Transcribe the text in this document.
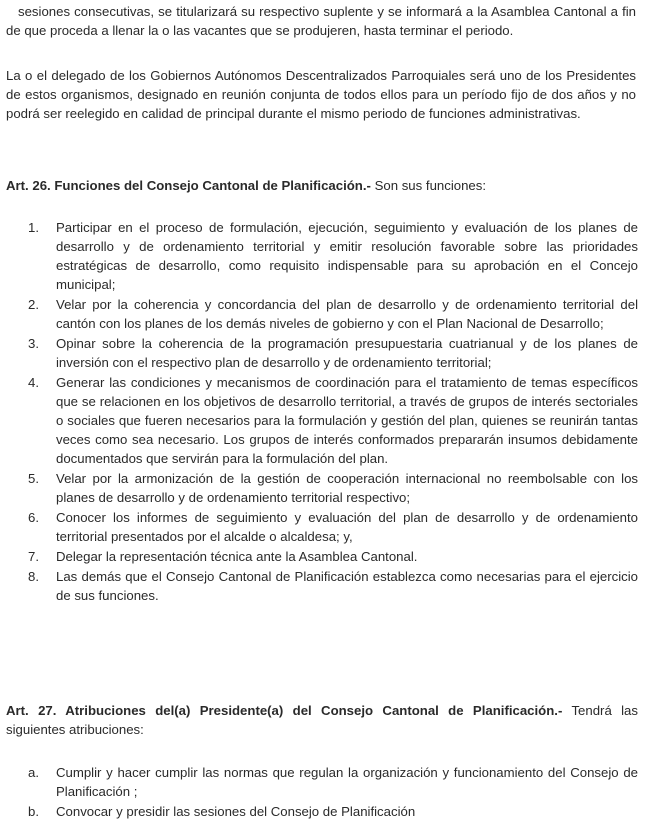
sesiones consecutivas, se titularizará su respectivo suplente y se informará a la Asamblea Cantonal a fin de que proceda a llenar la o las vacantes que se produjeren, hasta terminar el periodo.

La o el delegado de los Gobiernos Autónomos Descentralizados Parroquiales será uno de los Presidentes de estos organismos, designado en reunión conjunta de todos ellos para un período fijo de dos años y no podrá ser reelegido en calidad de principal durante el mismo periodo de funciones administrativas.

Art. 26. Funciones del Consejo Cantonal de Planificación.- Son sus funciones:

1.	Participar en el proceso de formulación, ejecución, seguimiento y evaluación de los planes de desarrollo y de ordenamiento territorial y emitir resolución favorable sobre las prioridades estratégicas de desarrollo, como requisito indispensable para su aprobación en el Concejo municipal;
2.	Velar por la coherencia y concordancia del plan de desarrollo y de ordenamiento territorial del cantón con los planes de los demás niveles de gobierno y con el Plan Nacional de Desarrollo;
3.	Opinar sobre la coherencia de la programación presupuestaria cuatrianual y de los planes de inversión con el respectivo plan de desarrollo y de ordenamiento territorial;
4.	Generar las condiciones y mecanismos de coordinación para el tratamiento de temas específicos que se relacionen en los objetivos de desarrollo territorial, a través de grupos de interés sectoriales o sociales que fueren necesarios para la formulación y gestión del plan, quienes se reunirán tantas veces como sea necesario. Los grupos de interés conformados prepararán insumos debidamente documentados que servirán para la formulación del plan.
5.	Velar por la armonización de la gestión de cooperación internacional no reembolsable con los planes de desarrollo y de ordenamiento territorial respectivo;
6.	Conocer los informes de seguimiento y evaluación del plan de desarrollo y de ordenamiento territorial presentados por el alcalde o alcaldesa; y,
7.	Delegar la representación técnica ante la Asamblea Cantonal.
8.	Las demás que el Consejo Cantonal de Planificación establezca como necesarias para el ejercicio de sus funciones.

Art. 27. Atribuciones del(a) Presidente(a) del Consejo Cantonal de Planificación.- Tendrá las siguientes atribuciones:

a.	Cumplir y hacer cumplir las normas que regulan la organización y funcionamiento del Consejo de Planificación ;
b.	Convocar y presidir las sesiones del Consejo de Planificación
